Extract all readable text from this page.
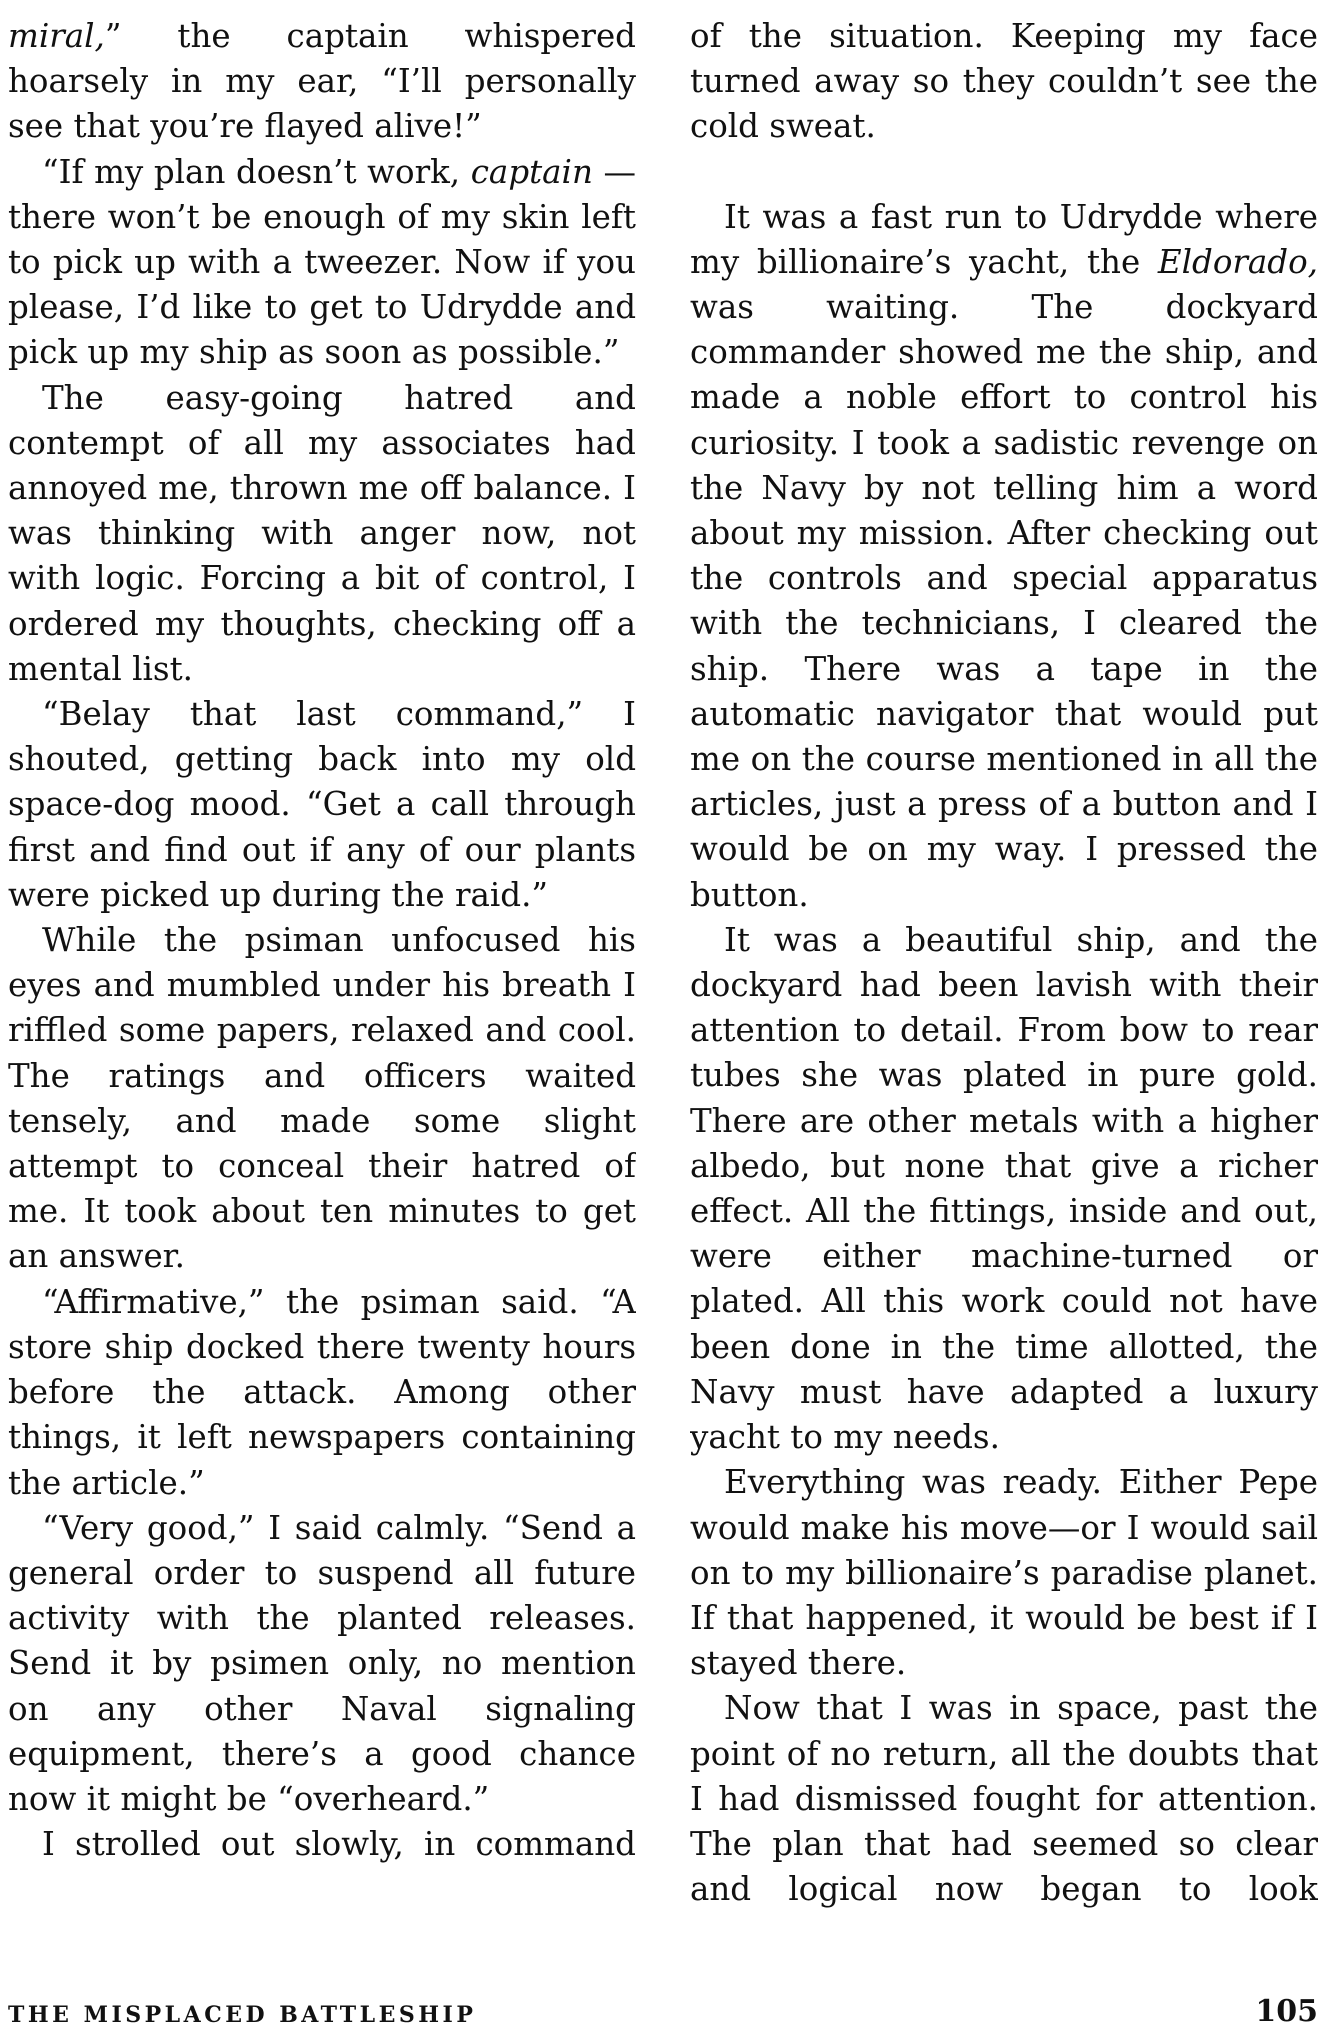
miral,” the captain whispered hoarsely in my ear, “I’ll personally see that you’re flayed alive!”

“If my plan doesn’t work, captain —there won’t be enough of my skin left to pick up with a tweezer. Now if you please, I’d like to get to Udrydde and pick up my ship as soon as possible.”

The easy-going hatred and contempt of all my associates had annoyed me, thrown me off balance. I was thinking with anger now, not with logic. Forcing a bit of control, I ordered my thoughts, checking off a mental list.

“Belay that last command,” I shouted, getting back into my old space-dog mood. “Get a call through first and find out if any of our plants were picked up during the raid.”

While the psiman unfocused his eyes and mumbled under his breath I riffled some papers, relaxed and cool. The ratings and officers waited tensely, and made some slight attempt to conceal their hatred of me. It took about ten minutes to get an answer.

“Affirmative,” the psiman said. “A store ship docked there twenty hours before the attack. Among other things, it left newspapers containing the article.”

“Very good,” I said calmly. “Send a general order to suspend all future activity with the planted releases. Send it by psimen only, no mention on any other Naval signaling equipment, there’s a good chance now it might be “overheard.”

I strolled out slowly, in command

of the situation. Keeping my face turned away so they couldn’t see the cold sweat.

It was a fast run to Udrydde where my billionaire’s yacht, the Eldorado, was waiting. The dockyard commander showed me the ship, and made a noble effort to control his curiosity. I took a sadistic revenge on the Navy by not telling him a word about my mission. After checking out the controls and special apparatus with the technicians, I cleared the ship. There was a tape in the automatic navigator that would put me on the course mentioned in all the articles, just a press of a button and I would be on my way. I pressed the button.

It was a beautiful ship, and the dockyard had been lavish with their attention to detail. From bow to rear tubes she was plated in pure gold. There are other metals with a higher albedo, but none that give a richer effect. All the fittings, inside and out, were either machine-turned or plated. All this work could not have been done in the time allotted, the Navy must have adapted a luxury yacht to my needs.

Everything was ready. Either Pepe would make his move—or I would sail on to my billionaire’s paradise planet. If that happened, it would be best if I stayed there.

Now that I was in space, past the point of no return, all the doubts that I had dismissed fought for attention. The plan that had seemed so clear and logical now began to look

THE MISPLACED BATTLESHIP	105
